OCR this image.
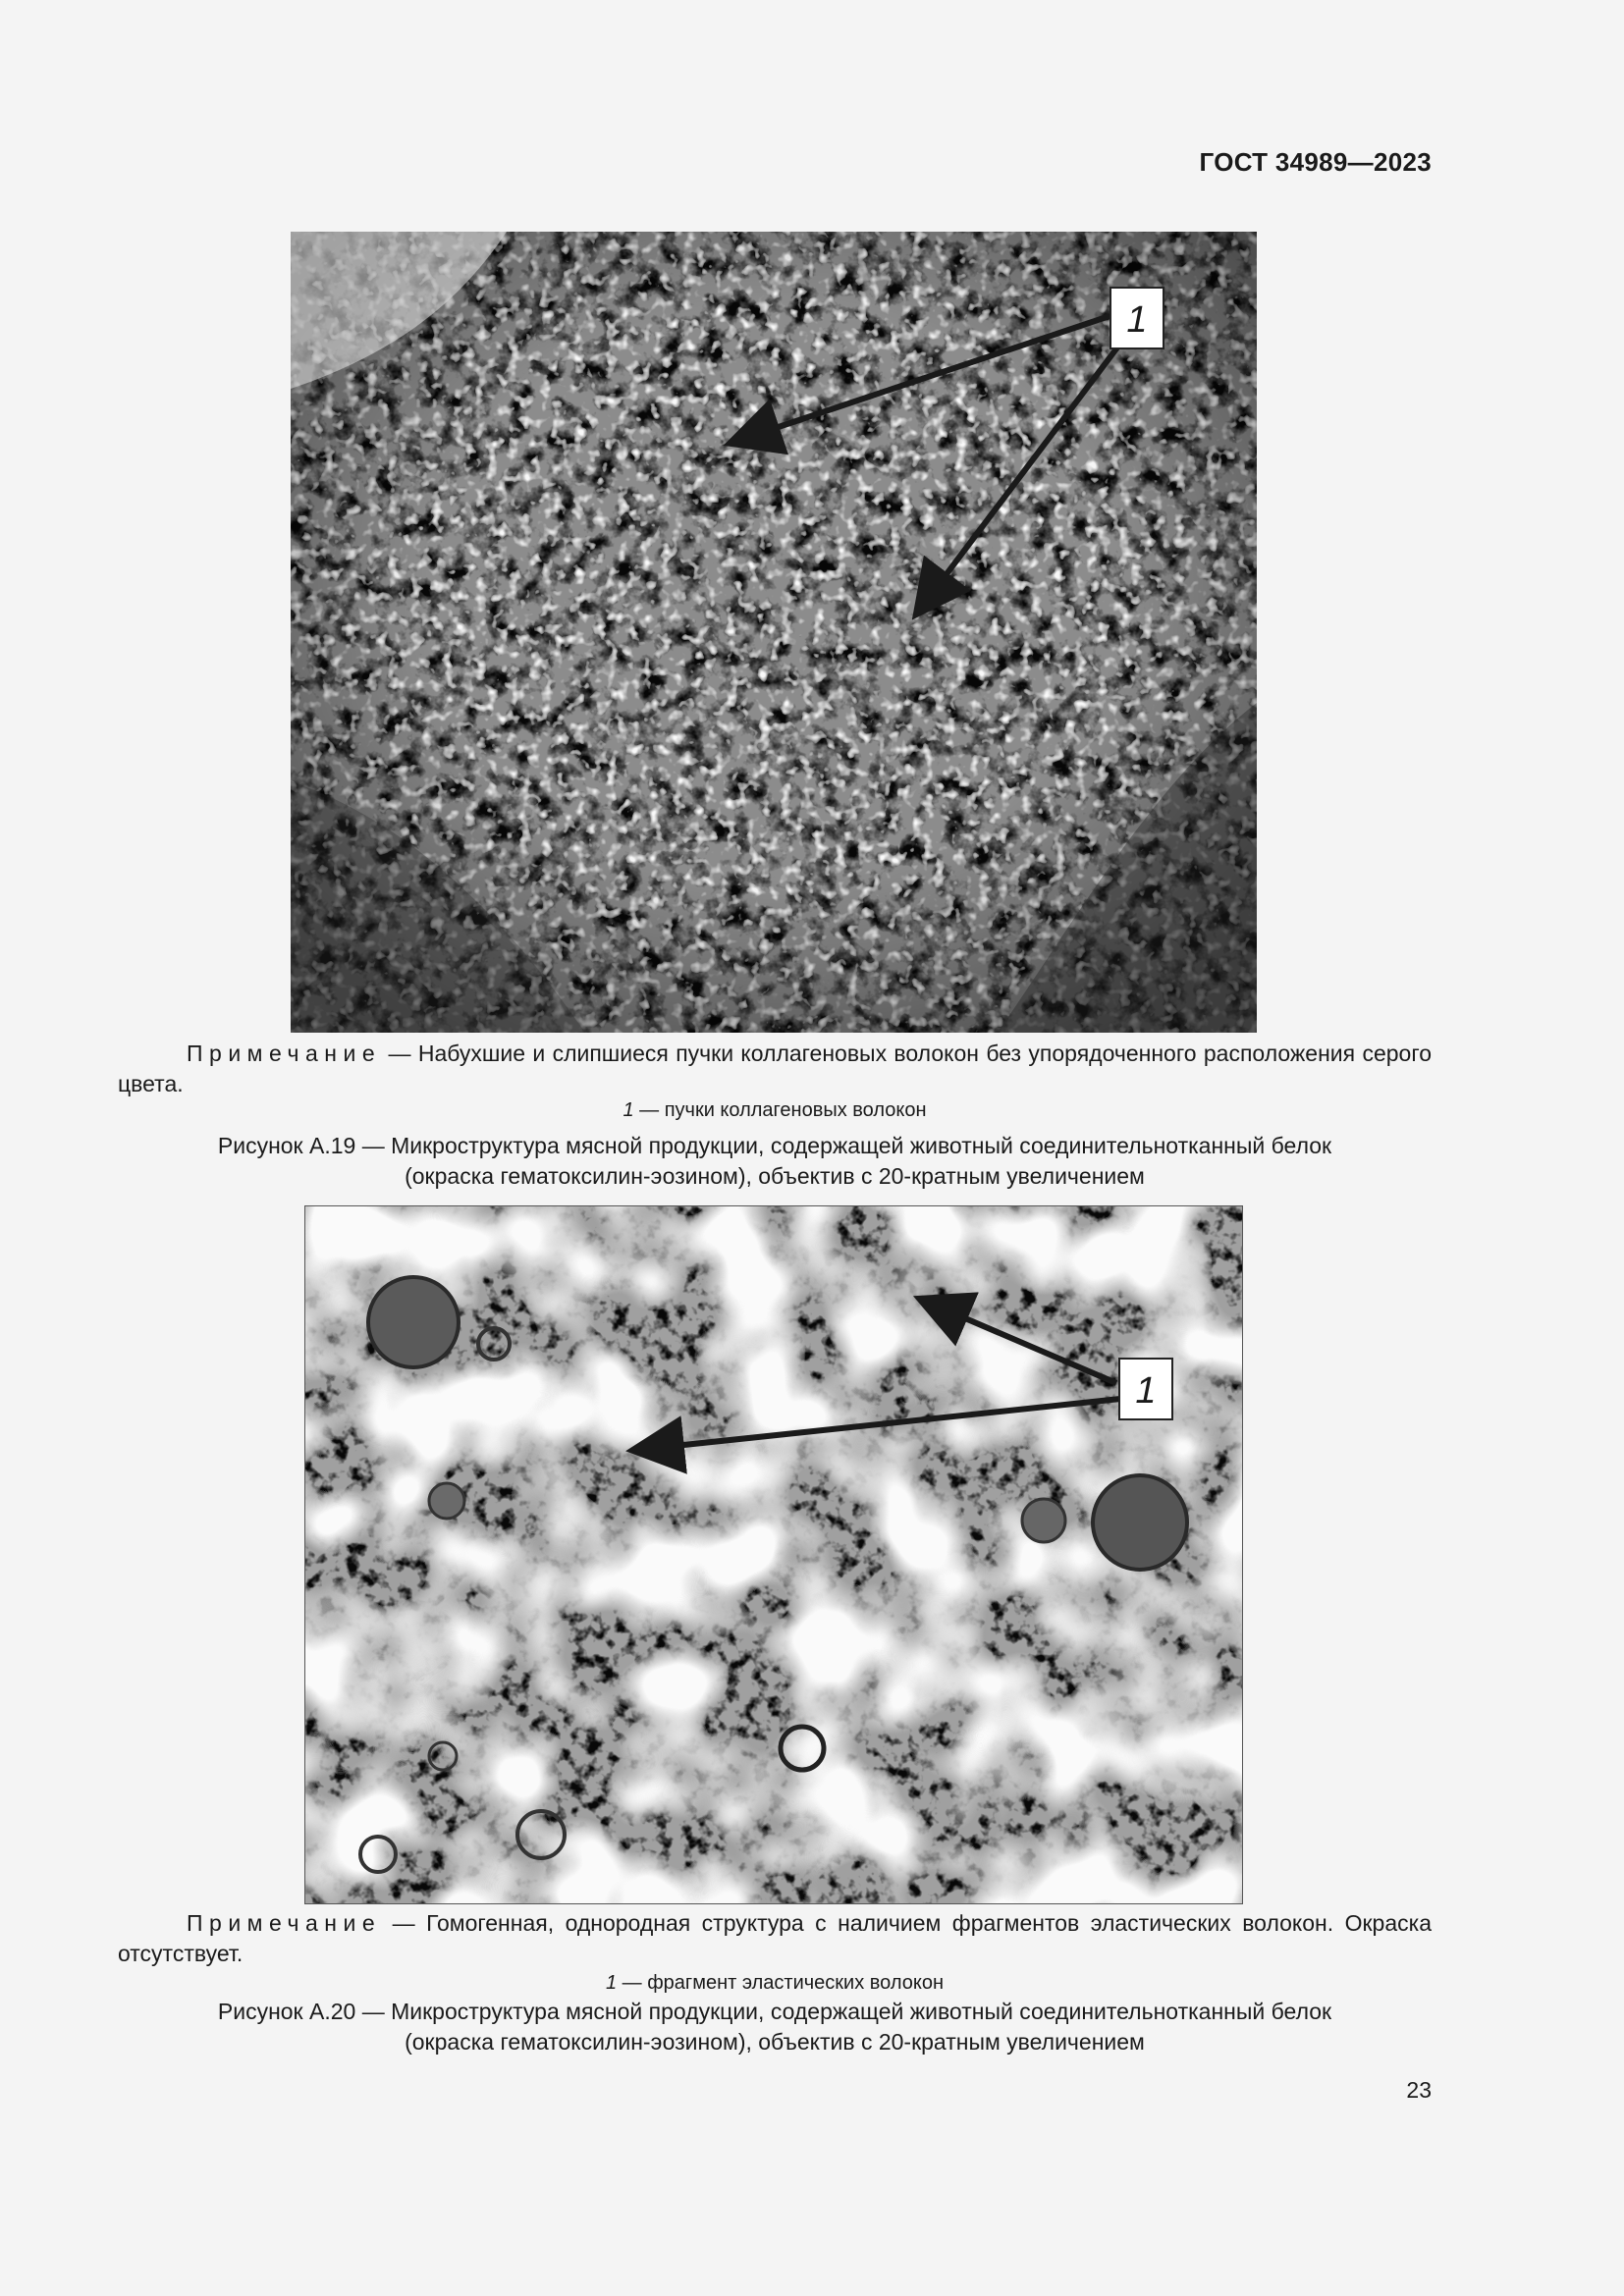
ГОСТ 34989—2023
1
Примечание — Набухшие и слипшиеся пучки коллагеновых волокон без упорядоченного расположения серого цвета.
1 — пучки коллагеновых волокон
Рисунок А.19 — Микроструктура мясной продукции, содержащей животный соединительнотканный белок
(окраска гематоксилин-эозином), объектив с 20-кратным увеличением
1
Примечание — Гомогенная, однородная структура с наличием фрагментов эластических волокон. Окраска отсутствует.
1 — фрагмент эластических волокон
Рисунок А.20 — Микроструктура мясной продукции, содержащей животный соединительнотканный белок
(окраска гематоксилин-эозином), объектив с 20-кратным увеличением
23
